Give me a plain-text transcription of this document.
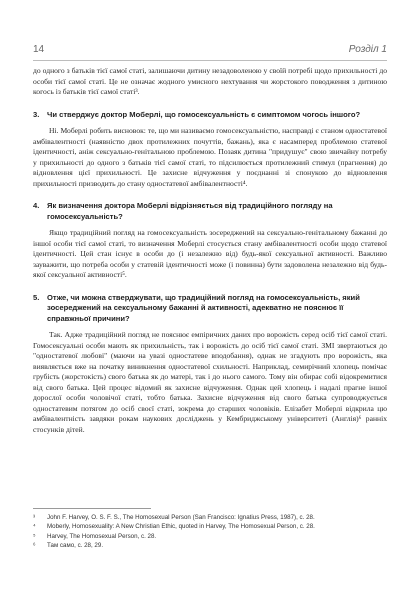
14	Розділ 1

до одного з батьків тієї самої статі, залишаючи дитину незадоволеною у своїй потребі щодо прихильності до особи тієї самої статі. Це не означає жодного умисного нехтування чи жорстокого поводження з дитиною когось із батьків тієї самої статі³.

3.	Чи стверджує доктор Моберлі, що гомосексуальність є симптомом чогось іншого?

Ні. Моберлі робить висновок: те, що ми називаємо гомосексуальністю, насправді є станом одностатевої амбівалентності (наявністю двох протилежних почуттів, бажань), яка є насамперед проблемою статевої ідентичності, аніж сексуально-генітальною проблемою. Позаяк дитина "придушує" свою звичайну потребу у прихильності до одного з батьків тієї самої статі, то підсилюється протилежний стимул (прагнення) до відновлення цієї прихильності. Це захисне відчуження у поєднанні зі спонукою до відновлення прихильності призводить до стану одностатевої амбівалентності⁴.

4.	Як визначення доктора Моберлі відрізняється від традиційного погляду на гомосексуальність?

Якщо традиційний погляд на гомосексуальність зосереджений на сексуально-генітальному бажанні до іншої особи тієї самої статі, то визначення Моберлі стосується стану амбівалентності особи щодо статевої ідентичності. Цей стан існує в особи до (і незалежно від) будь-якої сексуальної активності. Важливо зауважити, що потреба особи у статевій ідентичності може (і повинна) бути задоволена незалежно від будь-якої сексуальної активності⁵.

5.	Отже, чи можна стверджувати, що традиційний погляд на гомосексуальність, який зосереджений на сексуальному бажанні й активності, адекватно не пояснює її справжньої причини?

Так. Адже традиційний погляд не пояснює емпіричних даних про ворожість серед осіб тієї самої статі. Гомосексуальні особи мають як прихильність, так і ворожість до осіб тієї самої статі. ЗМІ звертаються до "одностатевої любові" (маючи на увазі одностатеве вподобання), однак не згадують про ворожість, яка виявляється вже на початку виникнення одностатевої схильності. Наприклад, семирічний хлопець помічає грубість (жорстокість) свого батька як до матері, так і до нього самого. Тому він обирає собі відокремитися від свого батька. Цей процес відомий як захисне відчуження. Однак цей хлопець і надалі прагне іншої дорослої особи чоловічої статі, тобто батька. Захисне відчуження від свого батька супроводжується одностатевим потягом до осіб своєї статі, зокрема до старших чоловіків. Елізабет Моберлі відкрила цю амбівалентність завдяки рокам наукових досліджень у Кембриджському університеті (Англія)⁶ ранніх стосунків дітей.

³	John F. Harvey, O. S. F. S., The Homosexual Person (San Francisco: Ignatius Press, 1987), с. 28.
⁴	Moberly, Homosexuality: A New Christian Ethic, quoted in Harvey, The Homosexual Person, с. 28.
⁵	Harvey, The Homosexual Person, с. 28.
⁶	Там само, с. 28, 29.
